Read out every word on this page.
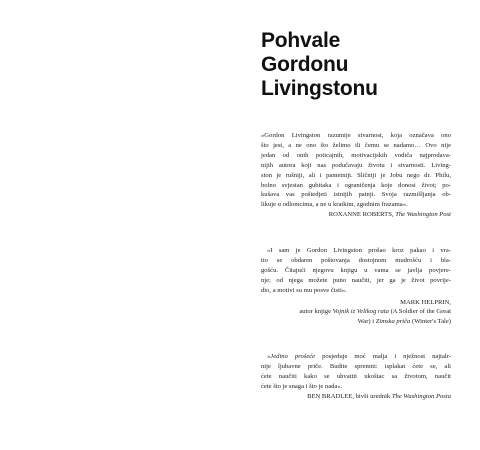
Pohvale
Gordonu
Livingstonu
»Gordon Livingston razumije stvarnost, koja označava ono
što jest, a ne ono što želimo ili čemu se nadamo… Ovo nije
jedan od onih poticajnih, motivacijskih vodiča najprodava-
nijih autora koji nas podučavaju životu i stvarnosti. Living-
ston je rušniji, ali i pametniji. Sličniji je Jobu nego dr. Philu,
bolno svjestan gubitaka i ograničenja koje donosi život; po-
kušava vas poštedjeti istnijih patnji. Svoja razmišljanja ob-
likuje u odlomcima, a ne u kratkim, zgodnim frazama«.
ROXANNE ROBERTS, The Washington Post
»I sam je Gordon Livingston prošao kroz pakao i vra-
tio se obdaren poštovanja dostojnom mudrošću i bla-
gošću. Čitajući njegovu knjigu u vama se javlja povjere-
nje; od njega možete puno naučiti, jer ga je život povrije-
dio, a motivi su mu posve čisti«.
MARK HELPRIN,
autor knjige Vojnik iz Velikog rata (A Soldier of the Great
War) i Zimska priča (Winter's Tale)
»Jedino prošeće posjeduje moć malja i nježnost najtalr-
nije ljubavne priče. Budite spremni: isplakat ćete se, ali
ćete naučiti kako se uhvatiti ukoštac sa životom, naučit
ćete što je snaga i što je nada«.
BEN BRADLEE, bivši urednik The Washington Posta
